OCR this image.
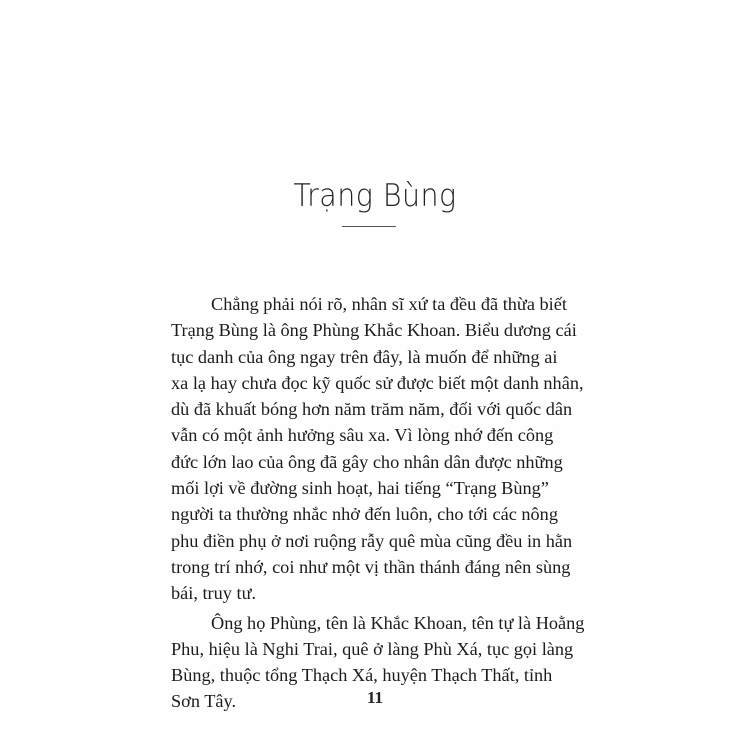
Trạng Bùng

Chẳng phải nói rõ, nhân sĩ xứ ta đều đã thừa biết
Trạng Bùng là ông Phùng Khắc Khoan. Biểu dương cái
tục danh của ông ngay trên đây, là muốn để những ai
xa lạ hay chưa đọc kỹ quốc sử được biết một danh nhân,
dù đã khuất bóng hơn năm trăm năm, đối với quốc dân
vẫn có một ảnh hưởng sâu xa. Vì lòng nhớ đến công
đức lớn lao của ông đã gây cho nhân dân được những
mối lợi về đường sinh hoạt, hai tiếng “Trạng Bùng”
người ta thường nhắc nhở đến luôn, cho tới các nông
phu điền phụ ở nơi ruộng rẫy quê mùa cũng đều in hằn
trong trí nhớ, coi như một vị thần thánh đáng nên sùng
bái, truy tư.

Ông họ Phùng, tên là Khắc Khoan, tên tự là Hoằng
Phu, hiệu là Nghi Trai, quê ở làng Phù Xá, tục gọi làng
Bùng, thuộc tổng Thạch Xá, huyện Thạch Thất, tỉnh
Sơn Tây.	11
